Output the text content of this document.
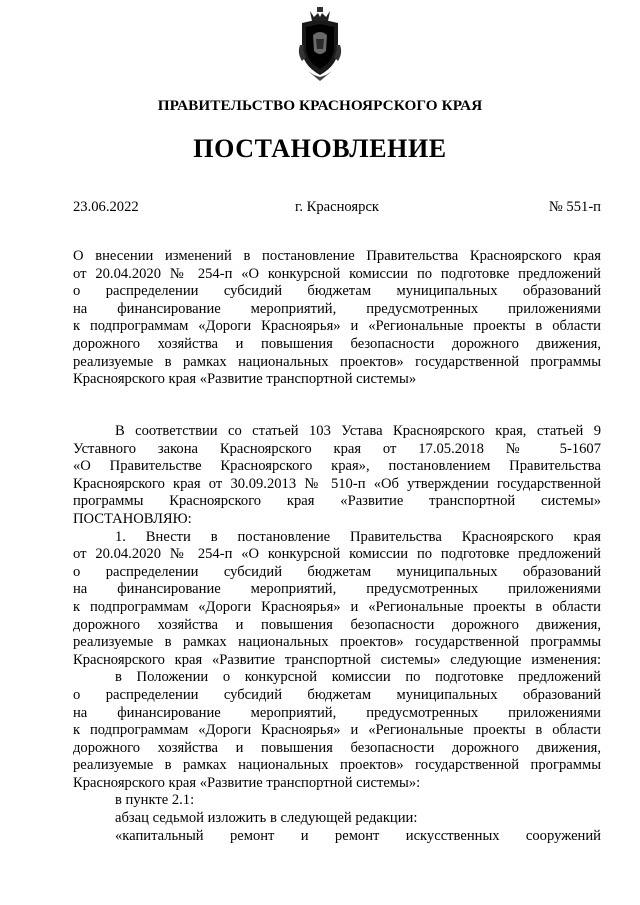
ПРАВИТЕЛЬСТВО КРАСНОЯРСКОГО КРАЯ
ПОСТАНОВЛЕНИЕ
г. Красноярск
23.06.2022	№ 551-п
О внесении изменений в постановление Правительства Красноярского края
от 20.04.2020 № 254-п «О конкурсной комиссии по подготовке предложений
о распределении субсидий бюджетам муниципальных образований
на финансирование мероприятий, предусмотренных приложениями
к подпрограммам «Дороги Красноярья» и «Региональные проекты в области
дорожного хозяйства и повышения безопасности дорожного движения,
реализуемые в рамках национальных проектов» государственной программы
Красноярского края «Развитие транспортной системы»
В соответствии со статьей 103 Устава Красноярского края, статьей 9
Уставного закона Красноярского края от 17.05.2018 № 5-1607
«О Правительстве Красноярского края», постановлением Правительства
Красноярского края от 30.09.2013 № 510-п «Об утверждении государственной
программы Красноярского края «Развитие транспортной системы»
ПОСТАНОВЛЯЮ:
1. Внести в постановление Правительства Красноярского края
от 20.04.2020 № 254-п «О конкурсной комиссии по подготовке предложений
о распределении субсидий бюджетам муниципальных образований
на финансирование мероприятий, предусмотренных приложениями
к подпрограммам «Дороги Красноярья» и «Региональные проекты в области
дорожного хозяйства и повышения безопасности дорожного движения,
реализуемые в рамках национальных проектов» государственной программы
Красноярского края «Развитие транспортной системы» следующие изменения:
в Положении о конкурсной комиссии по подготовке предложений
о распределении субсидий бюджетам муниципальных образований
на финансирование мероприятий, предусмотренных приложениями
к подпрограммам «Дороги Красноярья» и «Региональные проекты в области
дорожного хозяйства и повышения безопасности дорожного движения,
реализуемые в рамках национальных проектов» государственной программы
Красноярского края «Развитие транспортной системы»:
в пункте 2.1:
абзац седьмой изложить в следующей редакции:
«капитальный ремонт и ремонт искусственных сооружений
